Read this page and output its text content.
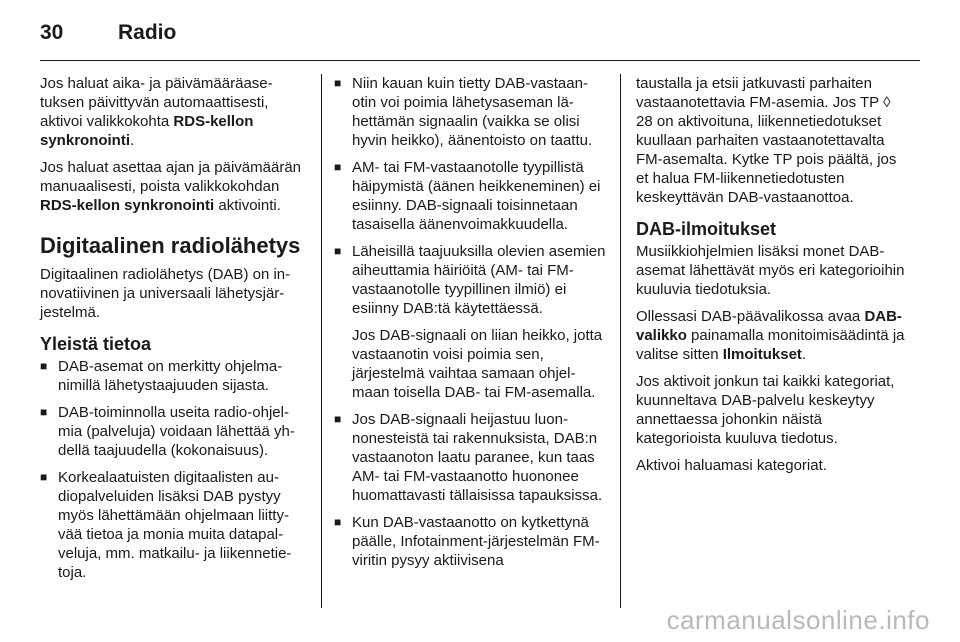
30	Radio

Jos haluat aika- ja päivämääräasetuksen päivittyvän automaattisesti, aktivoi valikkokohta RDS-kellon synkronointi.

Jos haluat asettaa ajan ja päivämäärän manuaalisesti, poista valikkokohdan RDS-kellon synkronointi aktivointi.

Digitaalinen radiolähetys

Digitaalinen radiolähetys (DAB) on innovatiivinen ja universaali lähetysjärjestelmä.

Yleistä tietoa
■ DAB-asemat on merkitty ohjelmanimillä lähetystaajuuden sijasta.
■ DAB-toiminnolla useita radio-ohjelmia (palveluja) voidaan lähettää yhdellä taajuudella (kokonaisuus).
■ Korkealaatuisten digitaalisten audiopalveluiden lisäksi DAB pystyy myös lähettämään ohjelmaan liittyvää tietoa ja monia muita datapalveluja, mm. matkailu- ja liikennetietoja.
■ Niin kauan kuin tietty DAB-vastaanotin voi poimia lähetysaseman lähettämän signaalin (vaikka se olisi hyvin heikko), äänentoisto on taattu.
■ AM- tai FM-vastaanotolle tyypillistä häipymistä (äänen heikkeneminen) ei esiinny. DAB-signaali toisinnetaan tasaisella äänenvoimakkuudella.
■ Läheisillä taajuuksilla olevien asemien aiheuttamia häiriöitä (AM- tai FM-vastaanotolle tyypillinen ilmiö) ei esiinny DAB:tä käytettäessä.

Jos DAB-signaali on liian heikko, jotta vastaanotin voisi poimia sen, järjestelmä vaihtaa samaan ohjelmaan toisella DAB- tai FM-asemalla.

■ Jos DAB-signaali heijastuu luonnonesteistä tai rakennuksista, DAB:n vastaanoton laatu paranee, kun taas AM- tai FM-vastaanotto huononee huomattavasti tällaisissa tapauksissa.
■ Kun DAB-vastaanotto on kytkettynä päälle, Infotainment-järjestelmän FM-viritin pysyy aktiivisena

taustalla ja etsii jatkuvasti parhaiten vastaanotettavia FM-asemia. Jos TP ◊ 28 on aktivoituna, liikennetiedotukset kuullaan parhaiten vastaanotettavalta FM-asemalta. Kytke TP pois päältä, jos et halua FM-liikennetiedotusten keskeyttävän DAB-vastaanottoa.

DAB-ilmoitukset

Musiikkiohjelmien lisäksi monet DAB-asemat lähettävät myös eri kategorioihin kuuluvia tiedotuksia.

Ollessasi DAB-päävalikossa avaa DAB-valikko painamalla monitoimisäädintä ja valitse sitten Ilmoitukset.

Jos aktivoit jonkun tai kaikki kategoriat, kuunneltava DAB-palvelu keskeytyy annettaessa johonkin näistä kategorioista kuuluva tiedotus.

Aktivoi haluamasi kategoriat.

carmanualsonline.info
